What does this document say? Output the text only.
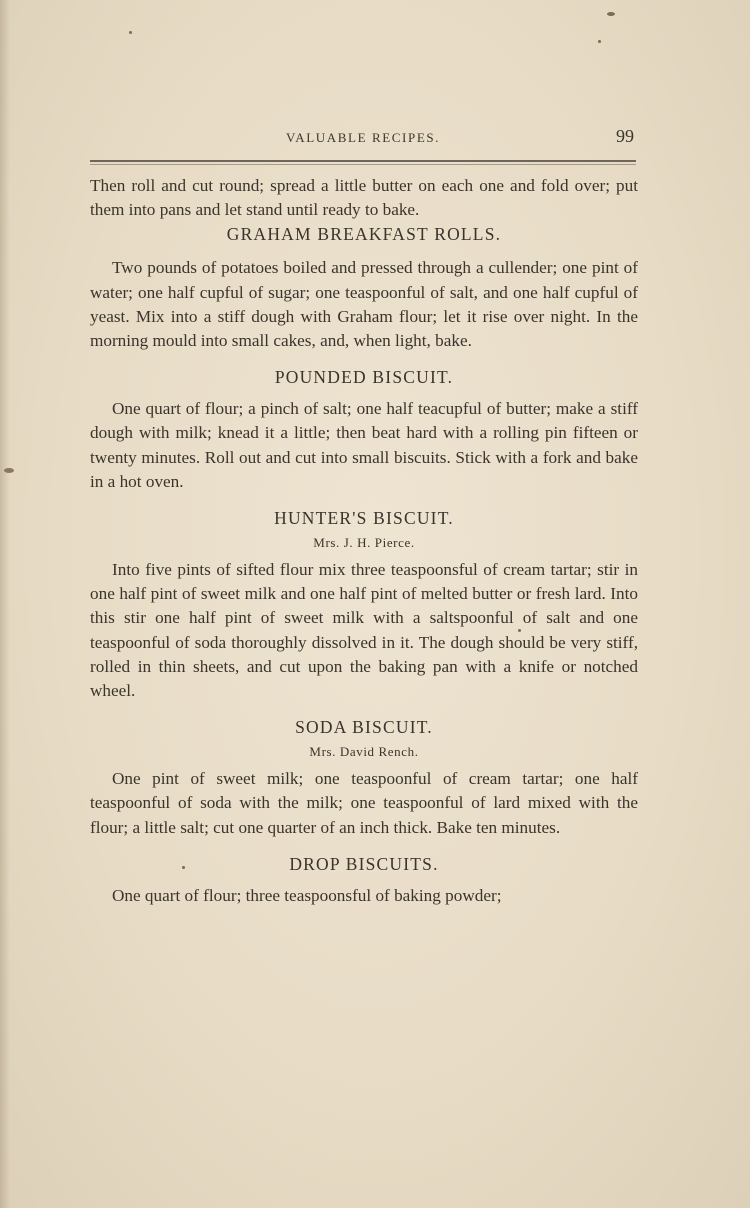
VALUABLE RECIPES.	99

Then roll and cut round; spread a little butter on each one and fold over; put them into pans and let stand until ready to bake.

GRAHAM BREAKFAST ROLLS.

Two pounds of potatoes boiled and pressed through a cullender; one pint of water; one half cupful of sugar; one teaspoonful of salt, and one half cupful of yeast. Mix into a stiff dough with Graham flour; let it rise over night. In the morning mould into small cakes, and, when light, bake.

POUNDED BISCUIT.

One quart of flour; a pinch of salt; one half teacupful of butter; make a stiff dough with milk; knead it a little; then beat hard with a rolling pin fifteen or twenty minutes. Roll out and cut into small biscuits. Stick with a fork and bake in a hot oven.

HUNTER'S BISCUIT.
Mrs. J. H. Pierce.

Into five pints of sifted flour mix three teaspoonsful of cream tartar; stir in one half pint of sweet milk and one half pint of melted butter or fresh lard. Into this stir one half pint of sweet milk with a saltspoonful of salt and one teaspoonful of soda thoroughly dissolved in it. The dough should be very stiff, rolled in thin sheets, and cut upon the baking pan with a knife or notched wheel.

SODA BISCUIT.
Mrs. David Rench.

One pint of sweet milk; one teaspoonful of cream tartar; one half teaspoonful of soda with the milk; one teaspoonful of lard mixed with the flour; a little salt; cut one quarter of an inch thick. Bake ten minutes.

DROP BISCUITS.

One quart of flour; three teaspoonsful of baking powder;
